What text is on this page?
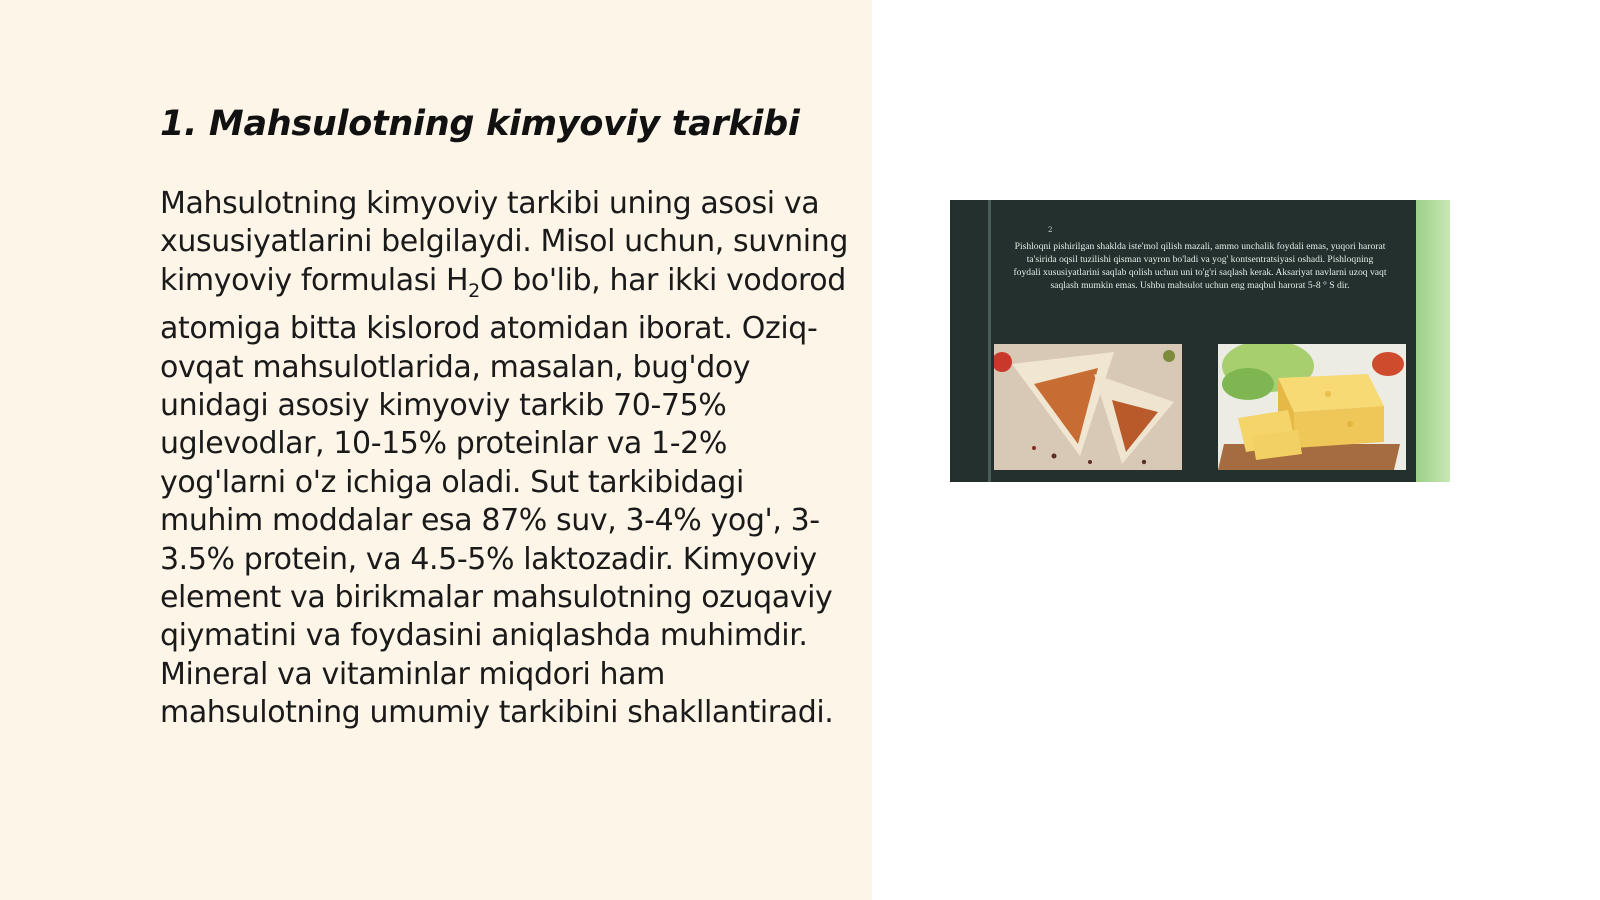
1. Mahsulotning kimyoviy tarkibi

Mahsulotning kimyoviy tarkibi uning asosi va xususiyatlarini belgilaydi. Misol uchun, suvning kimyoviy formulasi $H_2O$ bo'lib, har ikki vodorod atomiga bitta kislorod atomidan iborat. Oziq-ovqat mahsulotlarida, masalan, bug'doy unidagi asosiy kimyoviy tarkib 70-75% uglevodlar, 10-15% proteinlar va 1-2% yog'larni o'z ichiga oladi. Sut tarkibidagi muhim moddalar esa 87% suv, 3-4% yog', 3-3.5% protein, va 4.5-5% laktozadir. Kimyoviy element va birikmalar mahsulotning ozuqaviy qiymatini va foydasini aniqlashda muhimdir. Mineral va vitaminlar miqdori ham mahsulotning umumiy tarkibini shakllantiradi.

2
Pishloqni pishirilgan shaklda iste'mol qilish mazali, ammo unchalik foydali emas, yuqori harorat ta'sirida oqsil tuzilishi qisman vayron bo'ladi va yog' kontsentratsiyasi oshadi. Pishloqning foydali xususiyatlarini saqlab qolish uchun uni to'g'ri saqlash kerak. Aksariyat navlarni uzoq vaqt saqlash mumkin emas. Ushbu mahsulot uchun eng maqbul harorat 5-8 ° S dir.
